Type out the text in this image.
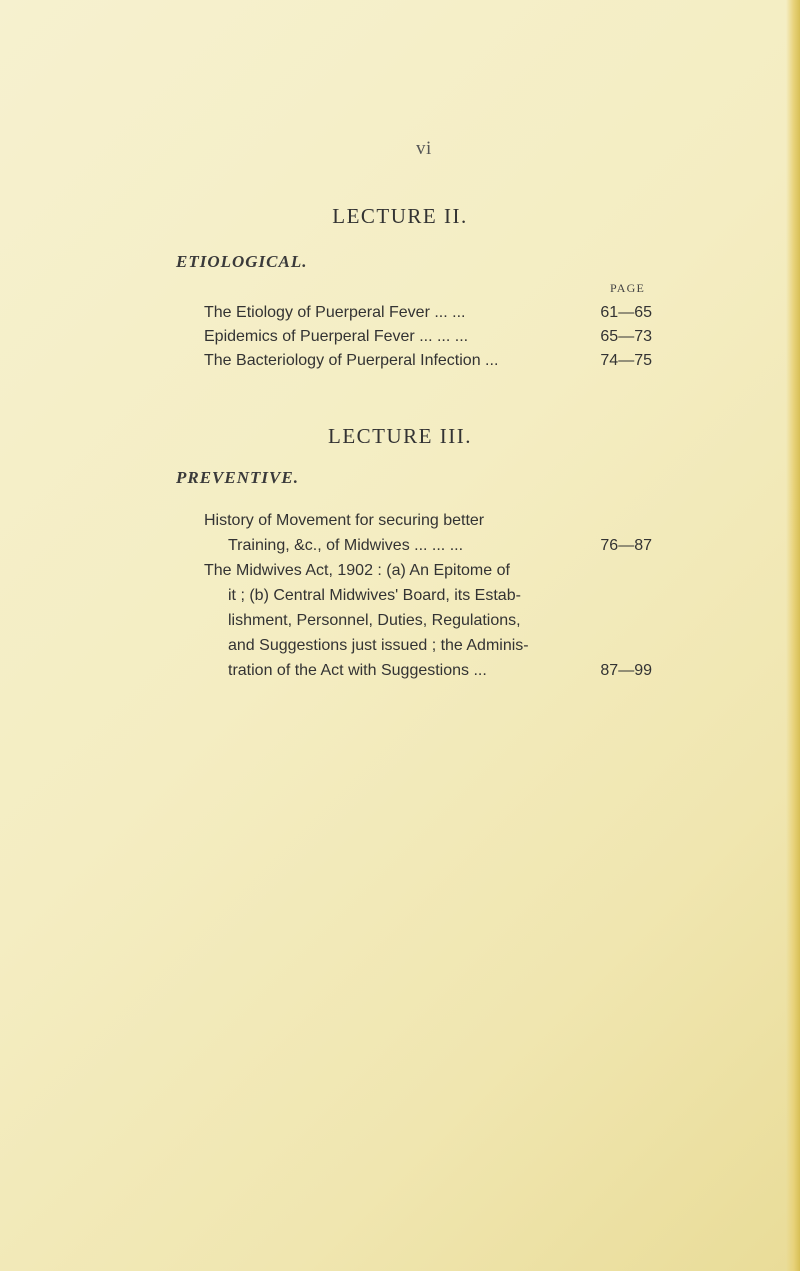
vi
LECTURE II.
ETIOLOGICAL.
PAGE
The Etiology of Puerperal Fever ... ...	61—65
Epidemics of Puerperal Fever ... ... ...	65—73
The Bacteriology of Puerperal Infection ...	74—75
LECTURE III.
PREVENTIVE.
History of Movement for securing better
Training, &c., of Midwives ... ... ...	76—87
The Midwives Act, 1902 : (a) An Epitome of
it ; (b) Central Midwives' Board, its Estab-
lishment, Personnel, Duties, Regulations,
and Suggestions just issued ; the Adminis-
tration of the Act with Suggestions ...	87—99
